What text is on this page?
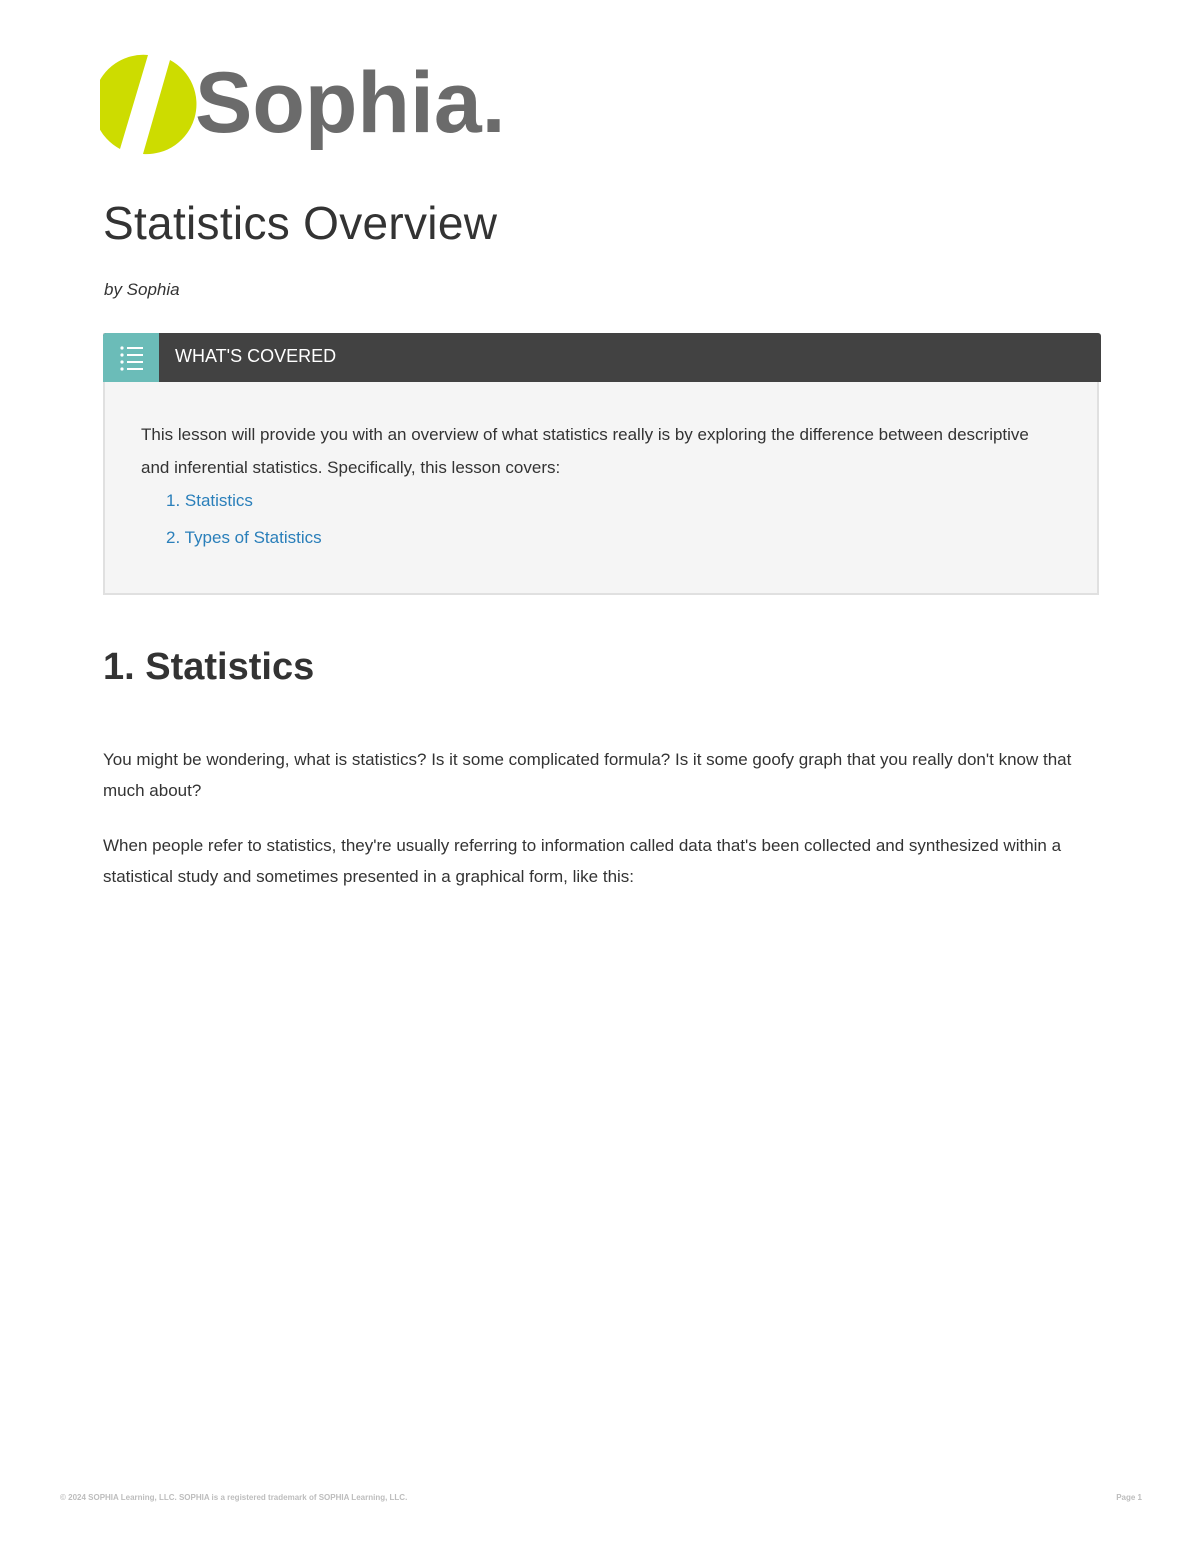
Sophia.
Statistics Overview

by Sophia

WHAT'S COVERED

This lesson will provide you with an overview of what statistics really is by exploring the difference between descriptive and inferential statistics. Specifically, this lesson covers:

1. Statistics
2. Types of Statistics
1. Statistics

You might be wondering, what is statistics? Is it some complicated formula? Is it some goofy graph that you really don't know that much about?

When people refer to statistics, they're usually referring to information called data that's been collected and synthesized within a statistical study and sometimes presented in a graphical form, like this:

© 2024 SOPHIA Learning, LLC. SOPHIA is a registered trademark of SOPHIA Learning, LLC.	Page 1
